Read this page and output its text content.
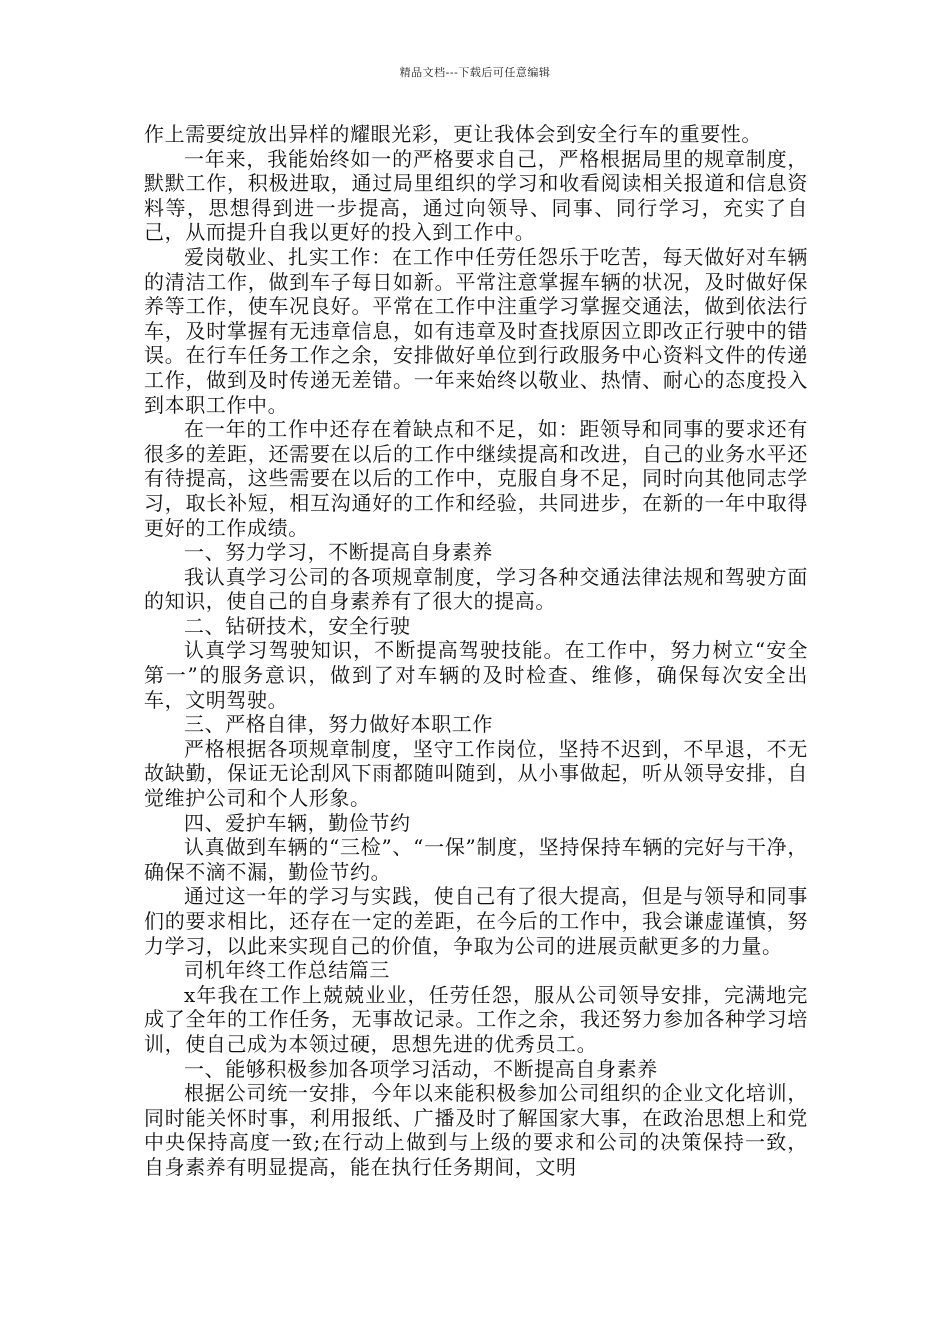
精品文档---下载后可任意编辑

作上需要绽放出异样的耀眼光彩，更让我体会到安全行车的重要性。

一年来，我能始终如一的严格要求自己，严格根据局里的规章制度，默默工作，积极进取，通过局里组织的学习和收看阅读相关报道和信息资料等，思想得到进一步提高，通过向领导、同事、同行学习，充实了自己，从而提升自我以更好的投入到工作中。

爱岗敬业、扎实工作：在工作中任劳任怨乐于吃苦，每天做好对车辆的清洁工作，做到车子每日如新。平常注意掌握车辆的状况，及时做好保养等工作，使车况良好。平常在工作中注重学习掌握交通法，做到依法行车，及时掌握有无违章信息，如有违章及时查找原因立即改正行驶中的错误。在行车任务工作之余，安排做好单位到行政服务中心资料文件的传递工作，做到及时传递无差错。一年来始终以敬业、热情、耐心的态度投入到本职工作中。

在一年的工作中还存在着缺点和不足，如：距领导和同事的要求还有很多的差距，还需要在以后的工作中继续提高和改进，自己的业务水平还有待提高，这些需要在以后的工作中，克服自身不足，同时向其他同志学习，取长补短，相互沟通好的工作和经验，共同进步，在新的一年中取得更好的工作成绩。

一、努力学习，不断提高自身素养

我认真学习公司的各项规章制度，学习各种交通法律法规和驾驶方面的知识，使自己的自身素养有了很大的提高。

二、钻研技术，安全行驶

认真学习驾驶知识，不断提高驾驶技能。在工作中，努力树立“安全第一”的服务意识，做到了对车辆的及时检查、维修，确保每次安全出车，文明驾驶。

三、严格自律，努力做好本职工作

严格根据各项规章制度，坚守工作岗位，坚持不迟到，不早退，不无故缺勤，保证无论刮风下雨都随叫随到，从小事做起，听从领导安排，自觉维护公司和个人形象。

四、爱护车辆，勤俭节约

认真做到车辆的“三检”、“一保”制度，坚持保持车辆的完好与干净，确保不滴不漏，勤俭节约。

通过这一年的学习与实践，使自己有了很大提高，但是与领导和同事们的要求相比，还存在一定的差距，在今后的工作中，我会谦虚谨慎，努力学习，以此来实现自己的价值，争取为公司的进展贡献更多的力量。

司机年终工作总结篇三

x年我在工作上兢兢业业，任劳任怨，服从公司领导安排，完满地完成了全年的工作任务，无事故记录。工作之余，我还努力参加各种学习培训，使自己成为本领过硬，思想先进的优秀员工。

一、能够积极参加各项学习活动，不断提高自身素养

根据公司统一安排，今年以来能积极参加公司组织的企业文化培训，同时能关怀时事，利用报纸、广播及时了解国家大事，在政治思想上和党中央保持高度一致;在行动上做到与上级的要求和公司的决策保持一致，自身素养有明显提高，能在执行任务期间，文明
